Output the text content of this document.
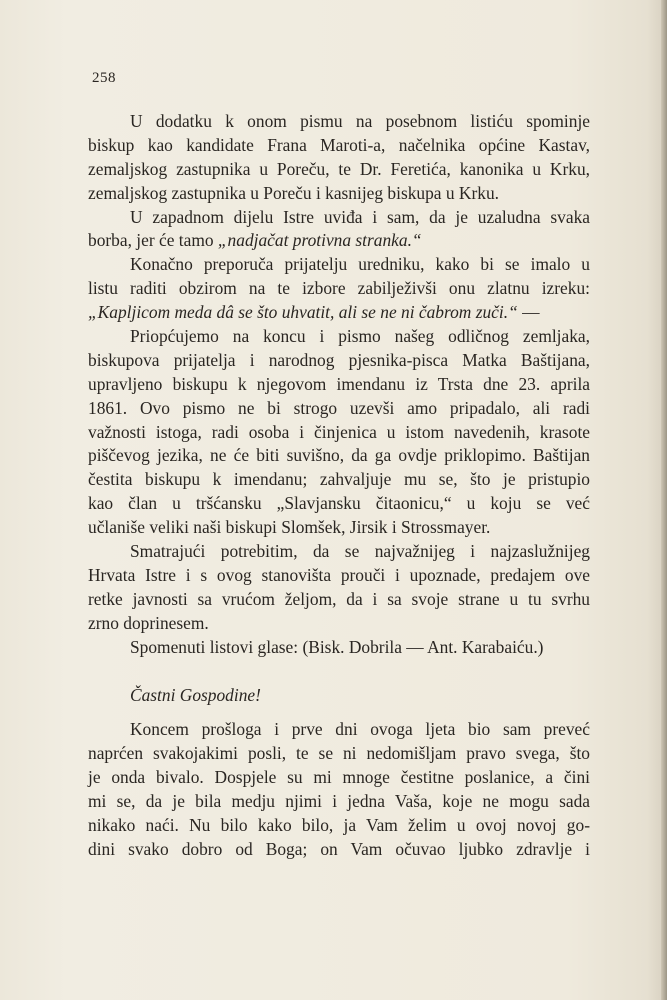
258
U dodatku k onom pismu na posebnom listiću spominje
biskup kao kandidate Frana Maroti-a, načelnika općine Kastav,
zemaljskog zastupnika u Poreču, te Dr. Feretića, kanonika u Krku,
zemaljskog zastupnika u Poreču i kasnijeg biskupa u Krku.
U zapadnom dijelu Istre uviđa i sam, da je uzaludna svaka
borba, jer će tamo „nadjačat protivna stranka.“
Konačno preporuča prijatelju uredniku, kako bi se imalo u
listu raditi obzirom na te izbore zabilježivši onu zlatnu izreku:
„Kapljicom meda dâ se što uhvatit, ali se ne ni čabrom zuči.“ —
Priopćujemo na koncu i pismo našeg odličnog zemljaka,
biskupova prijatelja i narodnog pjesnika-pisca Matka Baštijana,
upravljeno biskupu k njegovom imendanu iz Trsta dne 23. aprila
1861. Ovo pismo ne bi strogo uzevši amo pripadalo, ali radi
važnosti istoga, radi osoba i činjenica u istom navedenih, krasote
piščevog jezika, ne će biti suvišno, da ga ovdje priklopimo. Baštijan
čestita biskupu k imendanu; zahvaljuje mu se, što je pristupio
kao član u tršćansku „Slavjansku čitaonicu,“ u koju se već
učlaniše veliki naši biskupi Slomšek, Jirsik i Strossmayer.
Smatrajući potrebitim, da se najvažnijeg i najzaslužnijeg
Hrvata Istre i s ovog stanovišta prouči i upoznade, predajem ove
retke javnosti sa vrućom željom, da i sa svoje strane u tu svrhu
zrno doprinesem.
Spomenuti listovi glase: (Bisk. Dobrila — Ant. Karabaiću.)
Častni Gospodine!
Koncem prošloga i prve dni ovoga ljeta bio sam preveć
naprćen svakojakimi posli, te se ni nedomišljam pravo svega, što
je onda bivalo. Dospjele su mi mnoge čestitne poslanice, a čini
mi se, da je bila medju njimi i jedna Vaša, koje ne mogu sada
nikako naći. Nu bilo kako bilo, ja Vam želim u ovoj novoj go-
dini svako dobro od Boga; on Vam očuvao ljubko zdravlje i
